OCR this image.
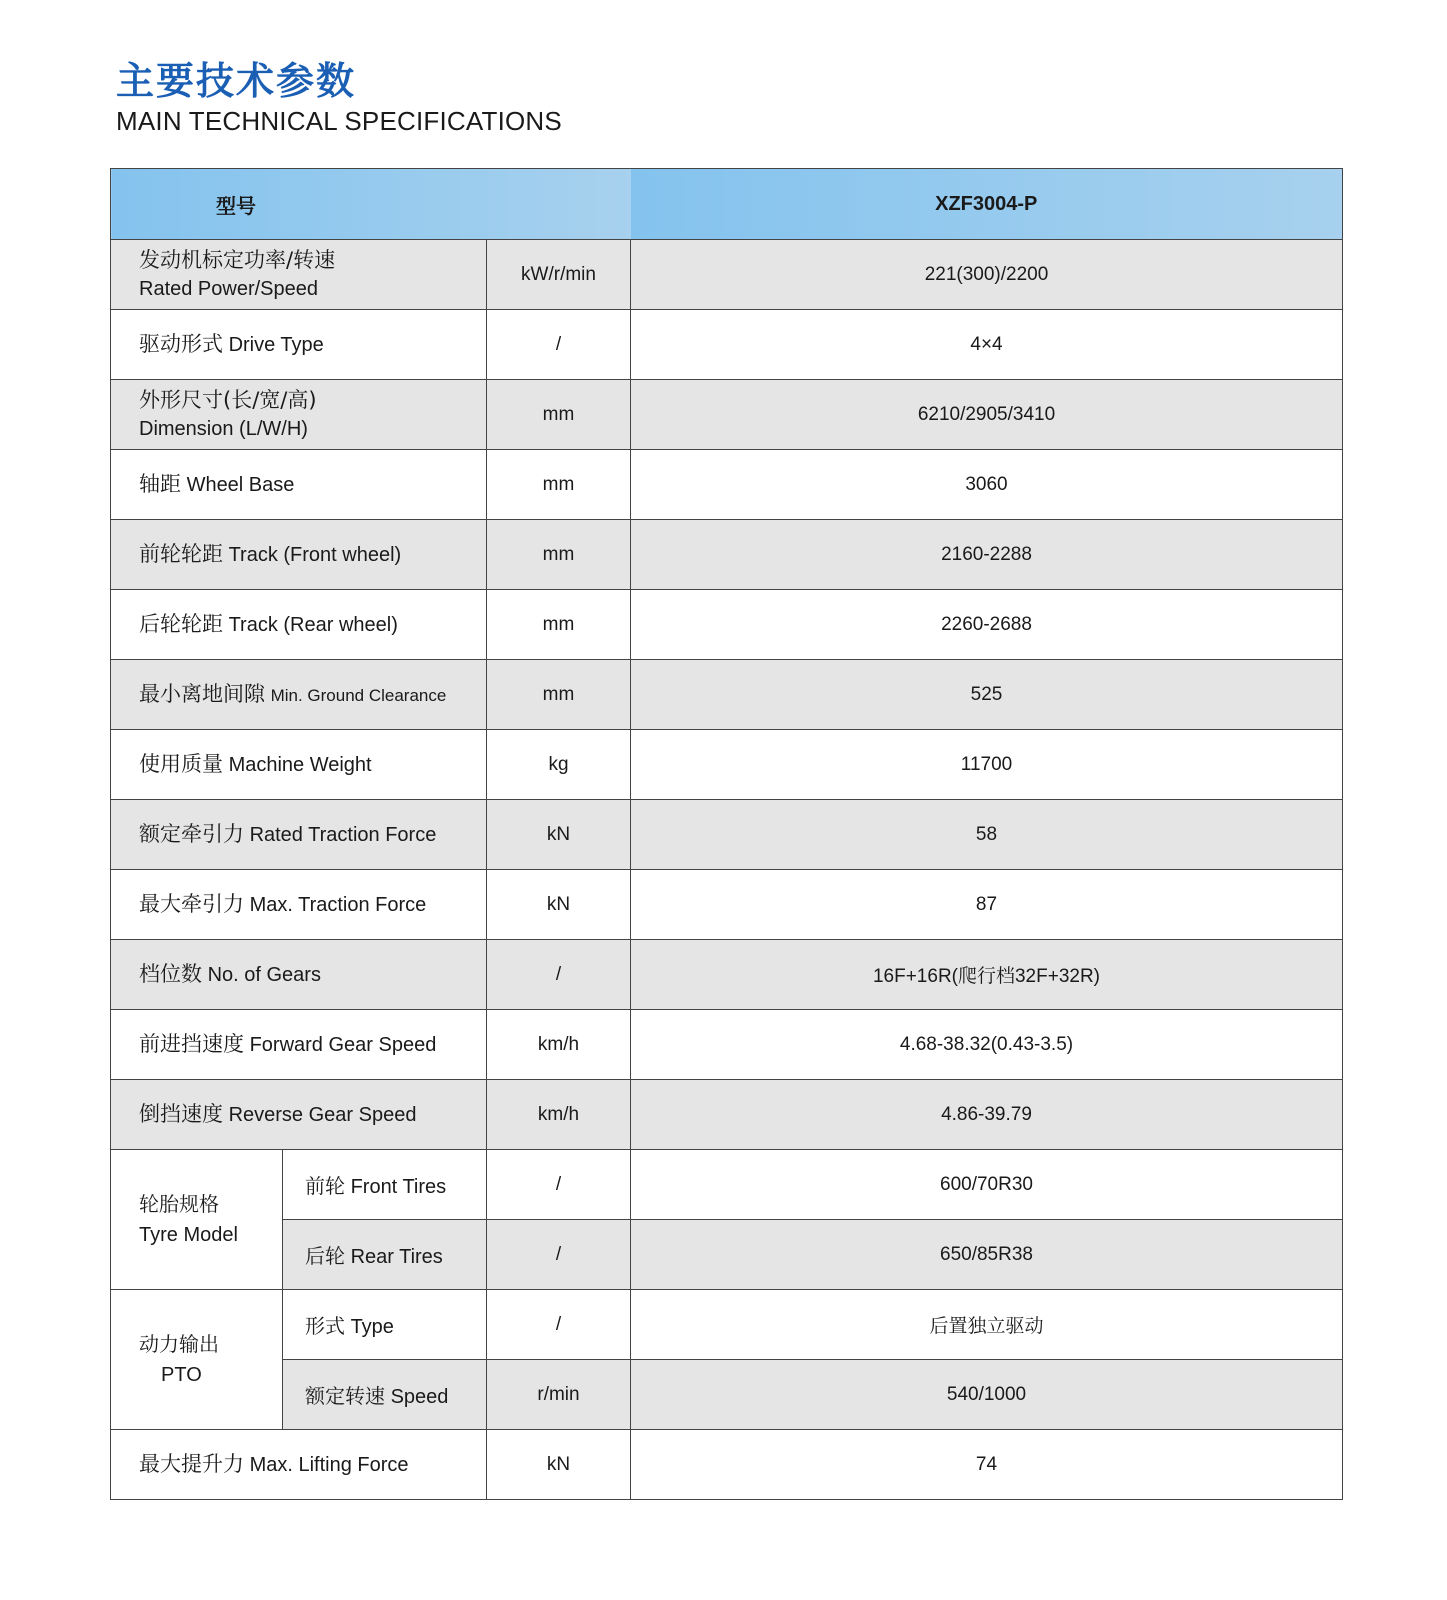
主要技术参数
MAIN TECHNICAL SPECIFICATIONS
型号			XZF3004-P
发动机标定功率/转速
Rated Power/Speed		kW/r/min	221(300)/2200
驱动形式 Drive Type		/	4×4
外形尺寸(长/宽/高)
Dimension (L/W/H)		mm	6210/2905/3410
轴距 Wheel Base		mm	3060
前轮轮距 Track (Front wheel)		mm	2160-2288
后轮轮距 Track (Rear wheel)		mm	2260-2688
最小离地间隙 Min. Ground Clearance		mm	525
使用质量 Machine Weight		kg	11700
额定牵引力 Rated Traction Force		kN	58
最大牵引力 Max. Traction Force		kN	87
档位数 No. of Gears		/	16F+16R(爬行档32F+32R)
前进挡速度 Forward Gear Speed		km/h	4.68-38.32(0.43-3.5)
倒挡速度 Reverse Gear Speed		km/h	4.86-39.79
轮胎规格
Tyre Model	前轮 Front Tires	/	600/70R30
	后轮 Rear Tires	/	650/85R38
动力输出
PTO	形式 Type	/	后置独立驱动
	额定转速 Speed	r/min	540/1000
最大提升力 Max. Lifting Force		kN	74
